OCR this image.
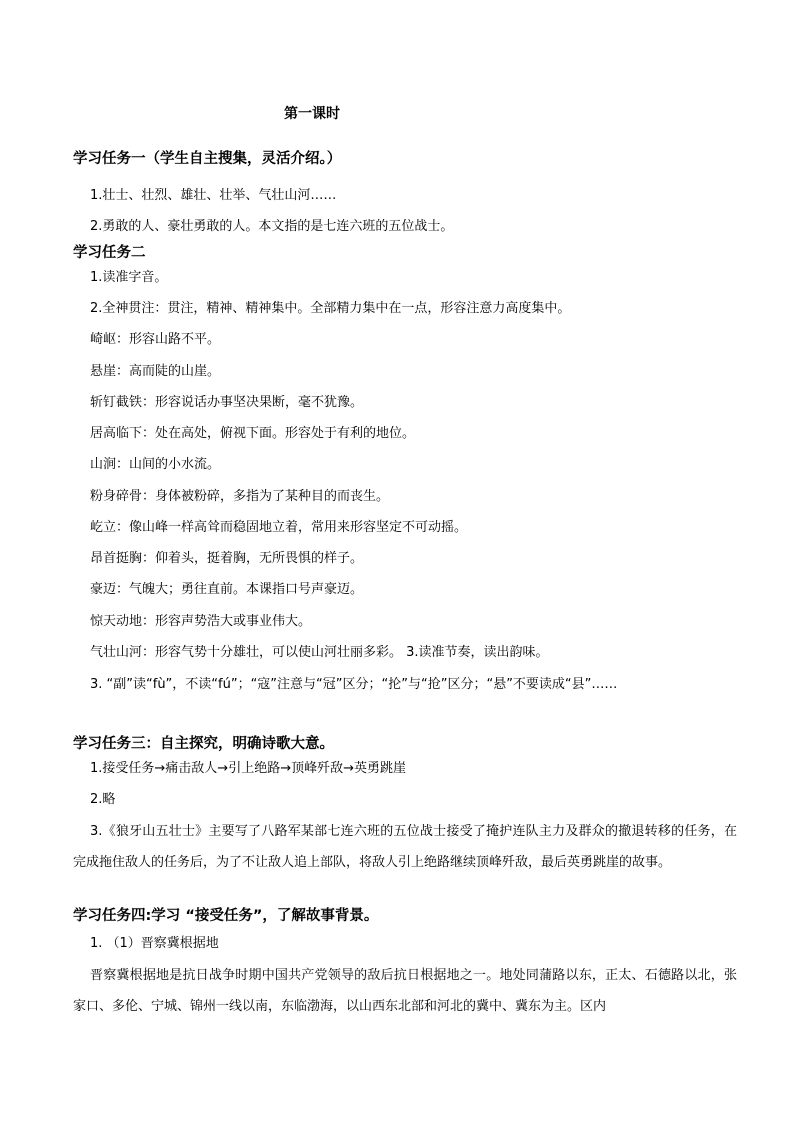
第一课时
学习任务一（学生自主搜集，灵活介绍。）
1.壮士、壮烈、雄壮、壮举、气壮山河……
2.勇敢的人、豪壮勇敢的人。本文指的是七连六班的五位战士。
学习任务二
1.读准字音。
2.全神贯注：贯注，精神、精神集中。全部精力集中在一点，形容注意力高度集中。
崎岖：形容山路不平。
悬崖：高而陡的山崖。
斩钉截铁：形容说话办事坚决果断，毫不犹豫。
居高临下：处在高处，俯视下面。形容处于有利的地位。
山涧：山间的小水流。
粉身碎骨：身体被粉碎，多指为了某种目的而丧生。
屹立：像山峰一样高耸而稳固地立着，常用来形容坚定不可动摇。
昂首挺胸：仰着头，挺着胸，无所畏惧的样子。
豪迈：气魄大；勇往直前。本课指口号声豪迈。
惊天动地：形容声势浩大或事业伟大。
气壮山河：形容气势十分雄壮，可以使山河壮丽多彩。 3.读准节奏，读出韵味。
3. “副”读“fù”，不读“fú”；“寇”注意与“冠”区分；“抡”与“抢”区分；“悬”不要读成“县”……
学习任务三：自主探究，明确诗歌大意。
1.接受任务→痛击敌人→引上绝路→顶峰歼敌→英勇跳崖
2.略
3.《狼牙山五壮士》主要写了八路军某部七连六班的五位战士接受了掩护连队主力及群众的撤退转移的任务，在完成拖住敌人的任务后，为了不让敌人追上部队，将敌人引上绝路继续顶峰歼敌，最后英勇跳崖的故事。
学习任务四:学习 “接受任务”，了解故事背景。
1. （1）晋察冀根据地
晋察冀根据地是抗日战争时期中国共产党领导的敌后抗日根据地之一。地处同蒲路以东，正太、石德路以北，张家口、多伦、宁城、锦州一线以南，东临渤海，以山西东北部和河北的冀中、冀东为主。区内
